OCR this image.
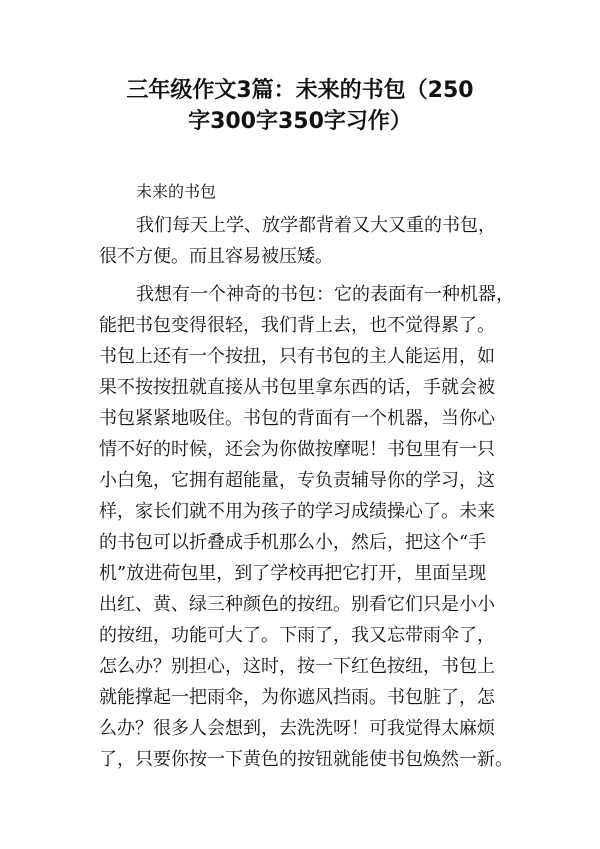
三年级作文3篇：未来的书包（250
字300字350字习作）
未来的书包
我们每天上学、放学都背着又大又重的书包，
很不方便。而且容易被压矮。
我想有一个神奇的书包：它的表面有一种机器，
能把书包变得很轻，我们背上去，也不觉得累了。
书包上还有一个按扭，只有书包的主人能运用，如
果不按按扭就直接从书包里拿东西的话，手就会被
书包紧紧地吸住。书包的背面有一个机器，当你心
情不好的时候，还会为你做按摩呢！书包里有一只
小白兔，它拥有超能量，专负责辅导你的学习，这
样，家长们就不用为孩子的学习成绩操心了。未来
的书包可以折叠成手机那么小，然后，把这个“手
机”放进荷包里，到了学校再把它打开，里面呈现
出红、黄、绿三种颜色的按纽。别看它们只是小小
的按纽，功能可大了。下雨了，我又忘带雨伞了，
怎么办？别担心，这时，按一下红色按纽，书包上
就能撑起一把雨伞，为你遮风挡雨。书包脏了，怎
么办？很多人会想到，去洗洗呀！可我觉得太麻烦
了，只要你按一下黄色的按钮就能使书包焕然一新。
